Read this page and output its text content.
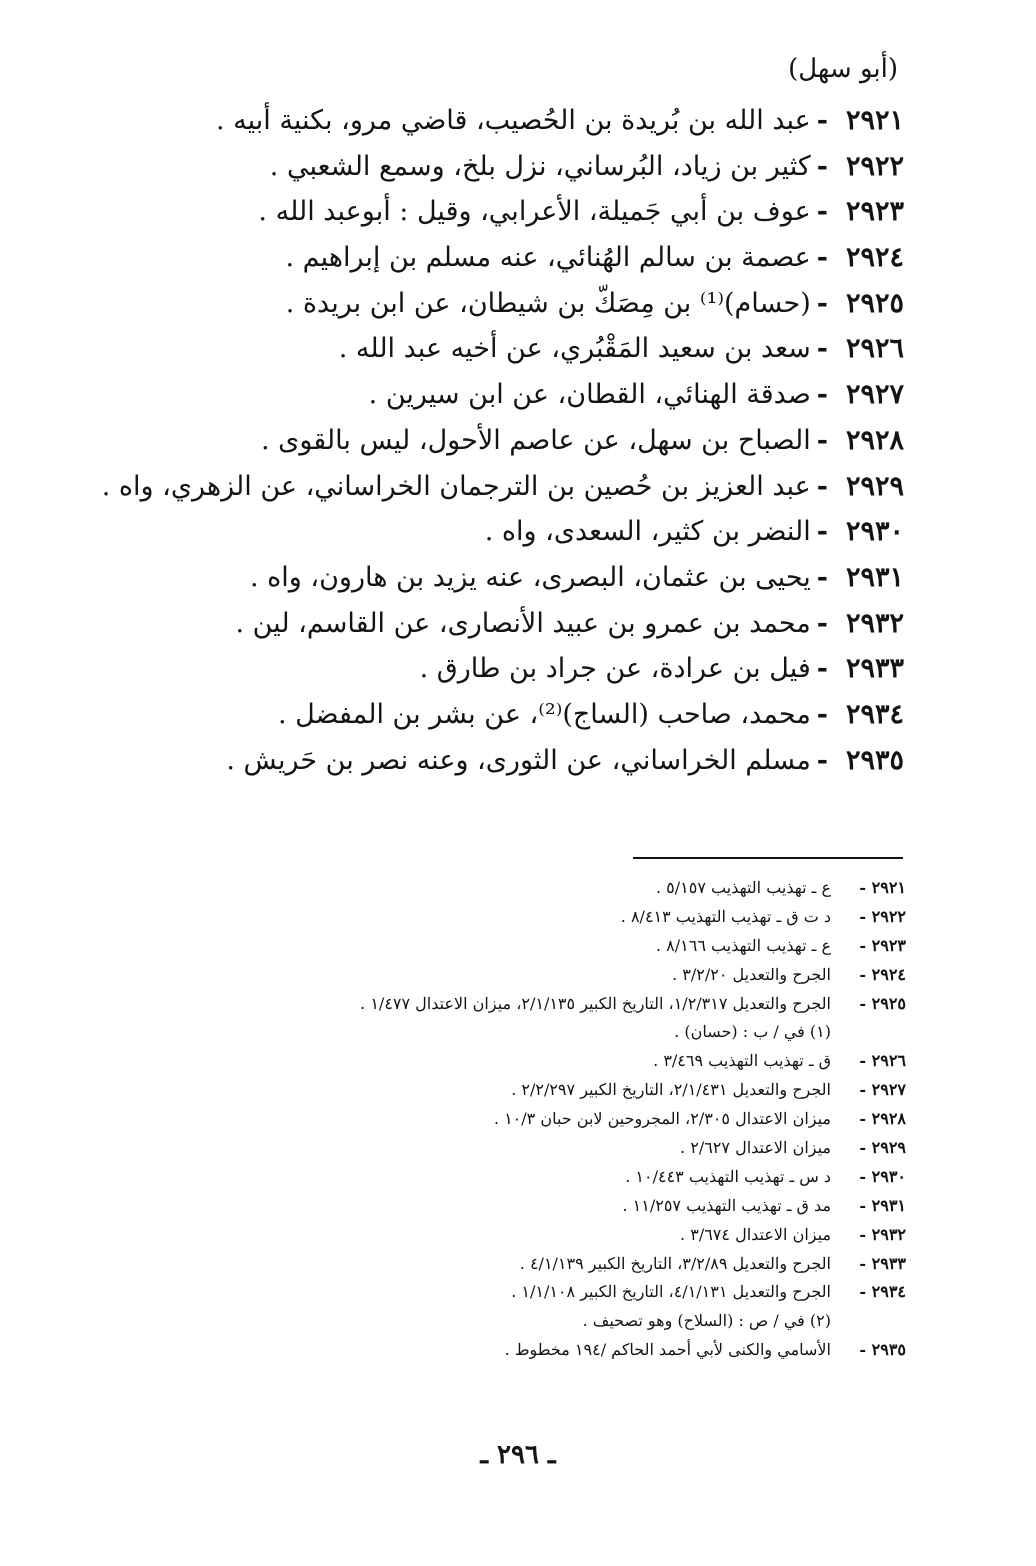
(أبو سهل)
٢٩٢١-عبد الله بن بُريدة بن الحُصيب، قاضي مرو، بكنية أبيه .
٢٩٢٢-كثير بن زياد، البُرساني، نزل بلخ، وسمع الشعبي .
٢٩٢٣-عوف بن أبي جَميلة، الأعرابي، وقيل : أبوعبد الله .
٢٩٢٤-عصمة بن سالم الهُنائي، عنه مسلم بن إبراهيم .
٢٩٢٥-(حسام)⁽¹⁾ بن مِصَكّ بن شيطان، عن ابن بريدة .
٢٩٢٦-سعد بن سعيد المَقْبُري، عن أخيه عبد الله .
٢٩٢٧-صدقة الهنائي، القطان، عن ابن سيرين .
٢٩٢٨-الصباح بن سهل، عن عاصم الأحول، ليس بالقوى .
٢٩٢٩-عبد العزيز بن حُصين بن الترجمان الخراساني، عن الزهري، واه .
٢٩٣٠-النضر بن كثير، السعدى، واه .
٢٩٣١-يحيى بن عثمان، البصرى، عنه يزيد بن هارون، واه .
٢٩٣٢-محمد بن عمرو بن عبيد الأنصارى، عن القاسم، لين .
٢٩٣٣-فيل بن عرادة، عن جراد بن طارق .
٢٩٣٤-محمد، صاحب (الساج)⁽²⁾، عن بشر بن المفضل .
٢٩٣٥-مسلم الخراساني، عن الثورى، وعنه نصر بن حَريش .
٢٩٢١ -
ع ـ تهذيب التهذيب ٥/١٥٧ .
٢٩٢٢ -
د ت ق ـ تهذيب التهذيب ٨/٤١٣ .
٢٩٢٣ -
ع ـ تهذيب التهذيب ٨/١٦٦ .
٢٩٢٤ -
الجرح والتعديل ٣/٢/٢٠ .
٢٩٢٥ -
الجرح والتعديل ١/٢/٣١٧، التاريخ الكبير ٢/١/١٣٥، ميزان الاعتدال ١/٤٧٧ .
(١) في / ب : (حسان) .
٢٩٢٦ -
ق ـ تهذيب التهذيب ٣/٤٦٩ .
٢٩٢٧ -
الجرح والتعديل ٢/١/٤٣١، التاريخ الكبير ٢/٢/٢٩٧ .
٢٩٢٨ -
ميزان الاعتدال ٢/٣٠٥، المجروحين لابن حبان ١٠/٣ .
٢٩٢٩ -
ميزان الاعتدال ٢/٦٢٧ .
٢٩٣٠ -
د س ـ تهذيب التهذيب ١٠/٤٤٣ .
٢٩٣١ -
مد ق ـ تهذيب التهذيب ١١/٢٥٧ .
٢٩٣٢ -
ميزان الاعتدال ٣/٦٧٤ .
٢٩٣٣ -
الجرح والتعديل ٣/٢/٨٩، التاريخ الكبير ٤/١/١٣٩ .
٢٩٣٤ -
الجرح والتعديل ٤/١/١٣١، التاريخ الكبير ١/١/١٠٨ .
(٢) في / ص : (السلاح) وهو تصحيف .
٢٩٣٥ -
الأسامي والكنى لأبي أحمد الحاكم /١٩٤ مخطوط .
ـ ٢٩٦ ـ
